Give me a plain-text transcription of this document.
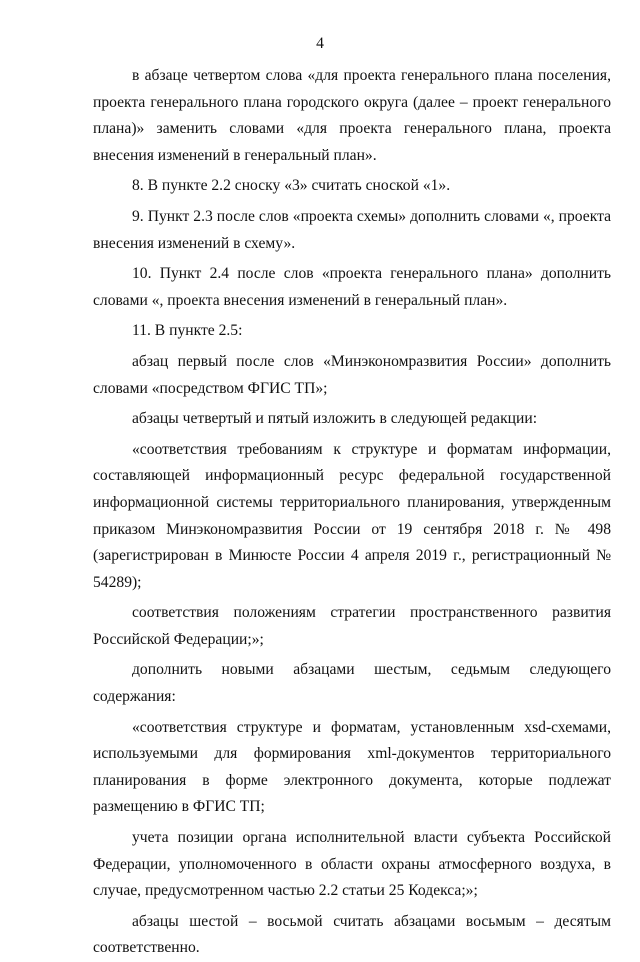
4

в абзаце четвертом слова «для проекта генерального плана поселения, проекта генерального плана городского округа (далее – проект генерального плана)» заменить словами «для проекта генерального плана, проекта внесения изменений в генеральный план».

8. В пункте 2.2 сноску «3» считать сноской «1».

9. Пункт 2.3 после слов «проекта схемы» дополнить словами «, проекта внесения изменений в схему».

10. Пункт 2.4 после слов «проекта генерального плана» дополнить словами «, проекта внесения изменений в генеральный план».

11. В пункте 2.5:

абзац первый после слов «Минэкономразвития России» дополнить словами «посредством ФГИС ТП»;

абзацы четвертый и пятый изложить в следующей редакции:

«соответствия требованиям к структуре и форматам информации, составляющей информационный ресурс федеральной государственной информационной системы территориального планирования, утвержденным приказом Минэкономразвития России от 19 сентября 2018 г. № 498 (зарегистрирован в Минюсте России 4 апреля 2019 г., регистрационный № 54289);

соответствия положениям стратегии пространственного развития Российской Федерации;»;

дополнить новыми абзацами шестым, седьмым следующего содержания:

«соответствия структуре и форматам, установленным xsd-схемами, используемыми для формирования xml-документов территориального планирования в форме электронного документа, которые подлежат размещению в ФГИС ТП;

учета позиции органа исполнительной власти субъекта Российской Федерации, уполномоченного в области охраны атмосферного воздуха, в случае, предусмотренном частью 2.2 статьи 25 Кодекса;»;

абзацы шестой – восьмой считать абзацами восьмым – десятым соответственно.
